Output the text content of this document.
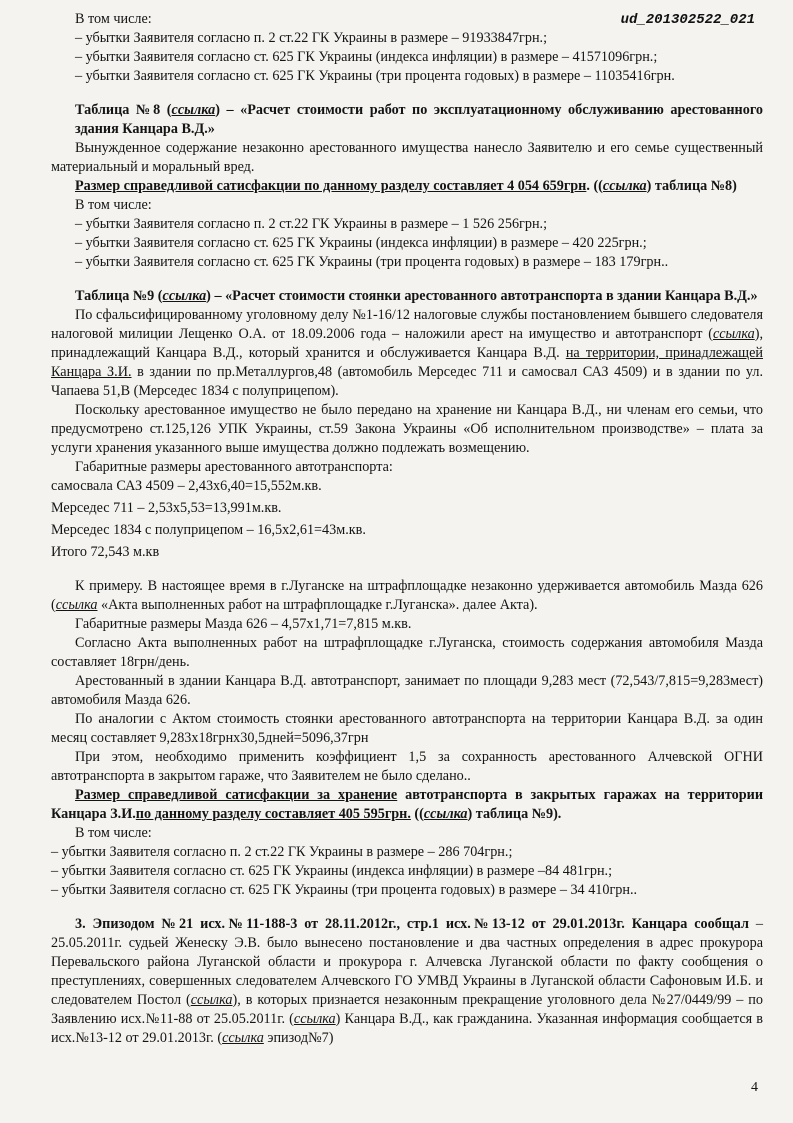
ud_201302522_021

В том числе:

– убытки Заявителя согласно п. 2 ст.22 ГК Украины в размере – 91933847грн.;

– убытки Заявителя согласно ст. 625 ГК Украины (индекса инфляции) в размере – 41571096грн.;

– убытки Заявителя согласно ст. 625 ГК Украины (три процента годовых) в размере – 11035416грн.

Таблица №8 (ссылка) – «Расчет стоимости работ по эксплуатационному обслуживанию арестованного здания Канцара В.Д.»

Вынужденное содержание незаконно арестованного имущества нанесло Заявителю и его семье существенный материальный и моральный вред.

Размер справедливой сатисфакции по данному разделу составляет 4 054 659грн. ((ссылка) таблица №8)

В том числе:

– убытки Заявителя согласно п. 2 ст.22 ГК Украины в размере – 1 526 256грн.;

– убытки Заявителя согласно ст. 625 ГК Украины (индекса инфляции) в размере – 420 225грн.;

– убытки Заявителя согласно ст. 625 ГК Украины (три процента годовых) в размере – 183 179грн..

Таблица №9 (ссылка) – «Расчет стоимости стоянки арестованного автотранспорта в здании Канцара В.Д.»

По сфальсифицированному уголовному делу №1-16/12 налоговые службы постановлением бывшего следователя налоговой милиции Лещенко О.А. от 18.09.2006 года – наложили арест на имущество и автотранспорт (ссылка), принадлежащий Канцара В.Д., который хранится и обслуживается Канцара В.Д. на территории, принадлежащей Канцара З.И. в здании по пр.Металлургов,48 (автомобиль Мерседес 711 и самосвал САЗ 4509) и в здании по ул. Чапаева 51,В (Мерседес 1834 с полуприцепом).

Поскольку арестованное имущество не было передано на хранение ни Канцара В.Д., ни членам его семьи, что предусмотрено ст.125,126 УПК Украины, ст.59 Закона Украины «Об исполнительном производстве» – плата за услуги хранения указанного выше имущества должно подлежать возмещению.

Габаритные размеры арестованного автотранспорта:

самосвала САЗ 4509 – 2,43х6,40=15,552м.кв.

Мерседес 711 – 2,53х5,53=13,991м.кв.

Мерседес 1834 с полуприцепом – 16,5х2,61=43м.кв.

Итого 72,543 м.кв

К примеру. В настоящее время в г.Луганске на штрафплощадке незаконно удерживается автомобиль Мазда 626 (ссылка «Акта выполненных работ на штрафплощадке г.Луганска». далее Акта).

Габаритные размеры Мазда 626 – 4,57х1,71=7,815 м.кв.

Согласно Акта выполненных работ на штрафплощадке г.Луганска, стоимость содержания автомобиля Мазда составляет 18грн/день.

Арестованный в здании Канцара В.Д. автотранспорт, занимает по площади 9,283 мест (72,543/7,815=9,283мест) автомобиля Мазда 626.

По аналогии с Актом стоимость стоянки арестованного автотранспорта на территории Канцара В.Д. за один месяц составляет 9,283х18грнх30,5дней=5096,37грн

При этом, необходимо применить коэффициент 1,5 за сохранность арестованного Алчевской ОГНИ автотранспорта в закрытом гараже, что Заявителем не было сделано..

Размер справедливой сатисфакции за хранение автотранспорта в закрытых гаражах на территории Канцара З.И.по данному разделу составляет 405 595грн. ((ссылка) таблица №9).

В том числе:

– убытки Заявителя согласно п. 2 ст.22 ГК Украины в размере – 286 704грн.;

– убытки Заявителя согласно ст. 625 ГК Украины (индекса инфляции) в размере –84 481грн.;

– убытки Заявителя согласно ст. 625 ГК Украины (три процента годовых) в размере – 34 410грн..

3. Эпизодом №21 исх.№11-188-3 от 28.11.2012г., стр.1 исх.№13-12 от 29.01.2013г. Канцара сообщал – 25.05.2011г. судьей Женеску Э.В. было вынесено постановление и два частных определения в адрес прокурора Перевальского района Луганской области и прокурора г. Алчевска Луганской области по факту сообщения о преступлениях, совершенных следователем Алчевского ГО УМВД Украины в Луганской области Сафоновым И.Б. и следователем Постол (ссылка), в которых признается незаконным прекращение уголовного дела №27/0449/99 – по Заявлению исх.№11-88 от 25.05.2011г. (ссылка) Канцара В.Д., как гражданина. Указанная информация сообщается в исх.№13-12 от 29.01.2013г. (ссылка эпизод№7)

4
